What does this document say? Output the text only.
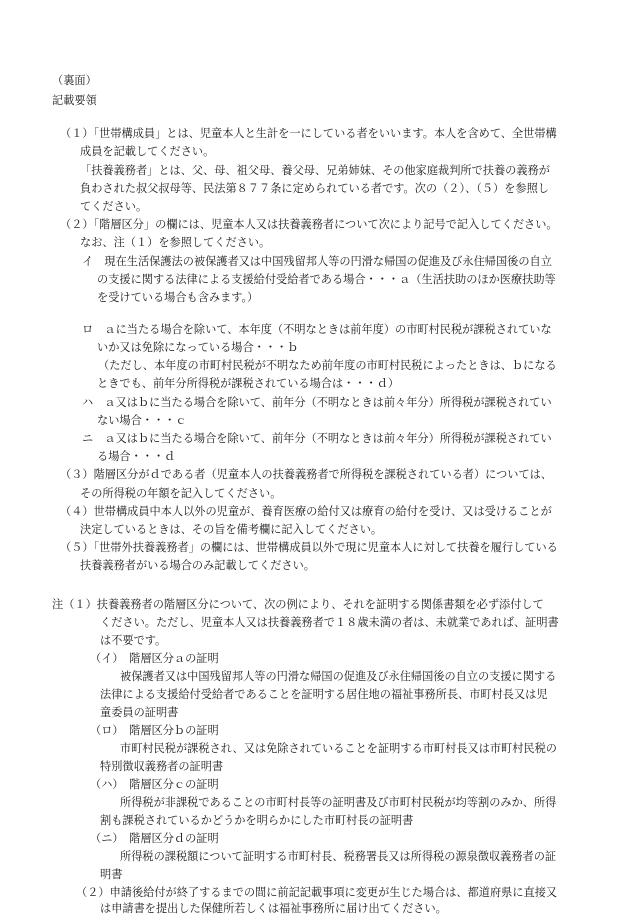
（裏面）

記載要領

（１）「世帯構成員」とは、児童本人と生計を一にしている者をいいます。本人を含めて、全世帯構

成員を記載してください。

「扶養義務者」とは、父、母、祖父母、養父母、兄弟姉妹、その他家庭裁判所で扶養の義務が

負わされた叔父叔母等、民法第８７７条に定められている者です。次の（２）、（５）を参照し

てください。

（２）「階層区分」の欄には、児童本人又は扶養義務者について次により記号で記入してください。

なお、注（１）を参照してください。

イ　現在生活保護法の被保護者又は中国残留邦人等の円滑な帰国の促進及び永住帰国後の自立

の支援に関する法律による支援給付受給者である場合・・・ａ（生活扶助のほか医療扶助等

を受けている場合も含みます。）

ロ　ａに当たる場合を除いて、本年度（不明なときは前年度）の市町村民税が課税されていな

いか又は免除になっている場合・・・ｂ

（ただし、本年度の市町村民税が不明なため前年度の市町村民税によったときは、ｂになる

ときでも、前年分所得税が課税されている場合は・・・ｄ）

ハ　ａ又はｂに当たる場合を除いて、前年分（不明なときは前々年分）所得税が課税されてい

ない場合・・・ｃ

ニ　ａ又はｂに当たる場合を除いて、前年分（不明なときは前々年分）所得税が課税されてい

る場合・・・ｄ

（３）階層区分がｄである者（児童本人の扶養義務者で所得税を課税されている者）については、

その所得税の年額を記入してください。

（４）世帯構成員中本人以外の児童が、養育医療の給付又は療育の給付を受け、又は受けることが

決定しているときは、その旨を備考欄に記入してください。

（５）「世帯外扶養義務者」の欄には、世帯構成員以外で現に児童本人に対して扶養を履行している

扶養義務者がいる場合のみ記載してください。

注（１）扶養義務者の階層区分について、次の例により、それを証明する関係書類を必ず添付して

ください。ただし、児童本人又は扶養義務者で１８歳未満の者は、未就業であれば、証明書

は不要です。

（イ）　階層区分ａの証明

被保護者又は中国残留邦人等の円滑な帰国の促進及び永住帰国後の自立の支援に関する

法律による支援給付受給者であることを証明する居住地の福祉事務所長、市町村長又は児

童委員の証明書

（ロ）　階層区分ｂの証明

市町村民税が課税され、又は免除されていることを証明する市町村長又は市町村民税の

特別徴収義務者の証明書

（ハ）　階層区分ｃの証明

所得税が非課税であることの市町村長等の証明書及び市町村民税が均等割のみか、所得

割も課税されているかどうかを明らかにした市町村長の証明書

（ニ）　階層区分ｄの証明

所得税の課税額について証明する市町村長、税務署長又は所得税の源泉徴収義務者の証

明書

（２）申請後給付が終了するまでの間に前記記載事項に変更が生じた場合は、都道府県に直接又

は申請書を提出した保健所若しくは福祉事務所に届け出てください。
